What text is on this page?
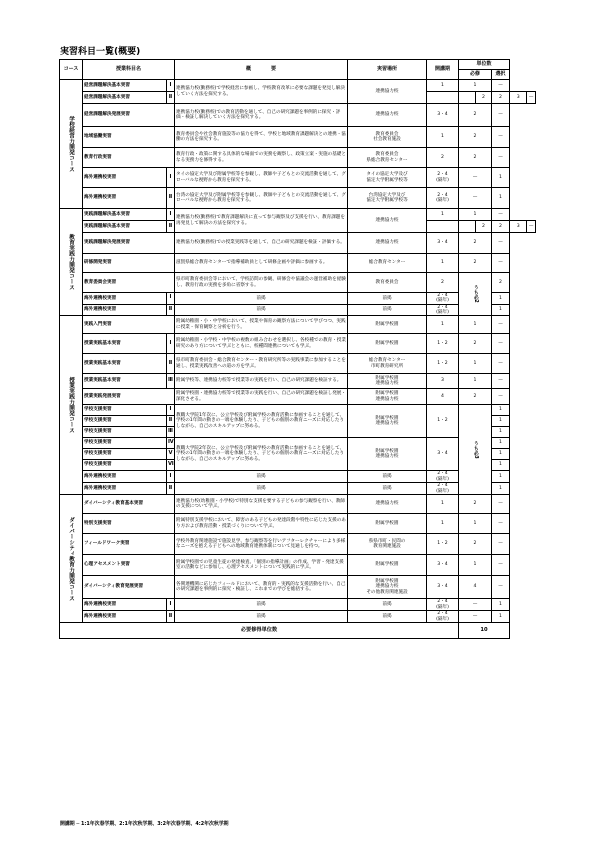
実習科目一覧(概要)
コース	授業科目名		概　　　　要	実習場所	開講期	単位数				
						必修		選択		

学校経営力開発コース	経営課題解決基本実習	Ⅰ	連携協力校(勤務校)で学校経営に参画し、学校教育改革に必要な課題を発見し解決していく方法を探究する。	連携協力校	1	1		—		
	経営課題解決基本実習	Ⅱ					2	2	3	—
	経営課題解決発展実習		連携協力校(勤務校)での教育活動を通して、自己の研究課題を事例的に探究・評価・検証し解決していく方法を探究する。	連携協力校	3・4	2		—		
	地域協働実習		教育委員会や社会教育施設等の協力を得て、学校と地域教育課題解決との連携・協働の方法を探究する。	教育委員会
社会教育施設	1	2		—		
	教育行政実習		教育行政・政策に関する具体的な場面での実務を観察し、政策立案・実施の基礎となる実務力を修得する。	教育委員会
県総合教育センター	2	2		—		
	海外連携校実習	Ⅰ	タイの協定大学及び附属学校等を参観し、教師や子どもとの交流活動を通して、グローバルな視野から教育を探究する。	タイの協定大学及び
協定大学附属学校等	2・4
(隔年)	—		1		
	海外連携校実習	Ⅱ	台湾の協定大学及び附属学校等を参観し、教師や子どもとの交流活動を通して、グローバルな視野から教育を探究する。	台湾協定大学及び
協定大学附属学校等	2・4
(隔年)	—		1		

教育実践力開発コース	実践課題解決基本実習	Ⅰ	連携協力校(勤務校)で教育課題解決に直って参与観察及び支援を行い、教育課題を再発見して解決の方法を探究する。	連携協力校	1	1		—		
	実践課題解決基本実習	Ⅱ					2	2	3	—
	実践課題解決発展実習		連携協力校(勤務校)での授業実践等を通して、自己の研究課題を検証・評価する。	連携協力校	3・4	2		—		
	研修開発実習		滋賀県総合教育センターで指導補助員として研修企画や評価に参画する。	総合教育センター	1	2		—		
	教育委員会実習		県市町教育委員会等において、学校訪問の参観、研修会や協議会の運営補助を経験し、教育行政の実務を多角に省察する。	教育委員会	2	うち必2		2		
	海外連携校実習	Ⅰ	前掲	前掲	2・4
(隔年)			1		
	海外連携校実習	Ⅱ	前掲	前掲	2・4
(隔年)			1		

授業実践力開発コース	実践入門実習		附属幼稚園・小・中学校において、授業や保育の観察方法について学びつつ、実践に授業・保育観察と分析を行う。	附属学校園	1	1		—		
	授業実践基本実習	Ⅰ	附属幼稚園・小学校・中学校の複数の組み合わせを選択し、各校種での教育・授業研究のあり方について学ぶとともに、校種間連携についても学ぶ。	附属学校園	1・2	2		—		
	授業実践基本実習	Ⅱ	県市町教育委員会・総合教育センター・教育研究所等の実践事業に参加することを通し、授業実践改善への道の方を学ぶ。	総合教育センター
市町教育研究所	1・2	1		—		
	授業実践基本実習	Ⅲ	附属学校等、連携協力校等で授業等の実践を行い、自己の研究課題を検証する。	附属学校園
連携協力校	3	1		—		
	授業実践発展実習		附属学校園・連携協力校等で授業等の実践を行い、自己の研究課題を検証し発展・深化させる。	附属学校園
連携協力校	4	2		—		
	学校支援実習	Ⅰ	教職大学院1年次に、公立学校及び附属学校の教育活動に参画することを通して、学校の1年間の動きの一端を体験したり、子どもの個別の教育ニーズに対応したりしながら、自己のスキルアップに努める。	附属学校園
連携協力校	1・2	うち必3		1		
	学校支援実習	Ⅱ						1		
	学校支援実習	Ⅲ						1		
	学校支援実習	Ⅳ	教職大学院2年次に、公立学校及び附属学校の教育活動に参画することを通して、学校の1年間の動きの一端を体験したり、子どもの個別の教育ニーズに対応したりしながら、自己のスキルアップに努める。	附属学校園
連携協力校	3・4			1		
	学校支援実習	Ⅴ						1		
	学校支援実習	Ⅵ						1		
	海外連携校実習	Ⅰ	前掲	前掲	2・4
(隔年)			1		
	海外連携校実習	Ⅱ	前掲	前掲	2・4
(隔年)			1		

ダイバーシティ教育力開発コース	ダイバーシティ教育基本実習		連携協力校(幼稚園・小学校)で特別な支援を要する子どもの参与観察を行い、教師の支援について学ぶ。	連携協力校	1	2		—		
	特別支援実習		附属特別支援学校において、障害のある子どもの発達段階や特性に応じた支援のあり方および教育活動・授業づくりについて学ぶ。	附属学校園	1	1		—		
	フィールドワーク実習		学校外教育関連施設で施設見学、参与観察等を行いアフターレクチャーにより多様なニーズを抱える子どもへの地域教育連携体制について見通しを持つ。	県県市町・民間の
教育関連施設	1・2	2		—		
	心理アセスメント実習		附属学校園での児童生徒の発達検査、「個別の指導計画」の作成、学習・発達支援室の活動などに参加し、心理アセスメントについて実践的に学ぶ。	附属学校園	3・4	1		—		
	ダイバーシティ教育発展実習		各関連機関に応じたフィールドにおいて、教育的・実践的な支援活動を行い、自己の研究課題を事例的に探究・検証し、これまでの学びを総括する。	附属学校園
連携協力校
その他教育関連施設	3・4	4		—		
	海外連携校実習	Ⅰ	前掲	前掲	2・4
(隔年)	—		1		
	海外連携校実習	Ⅱ	前掲	前掲	2・4
(隔年)	—		1		
必要修得単位数						10				
開講期 ─ 1:1年次春学期、2:1年次秋学期、3:2年次春学期、4:2年次秋学期
